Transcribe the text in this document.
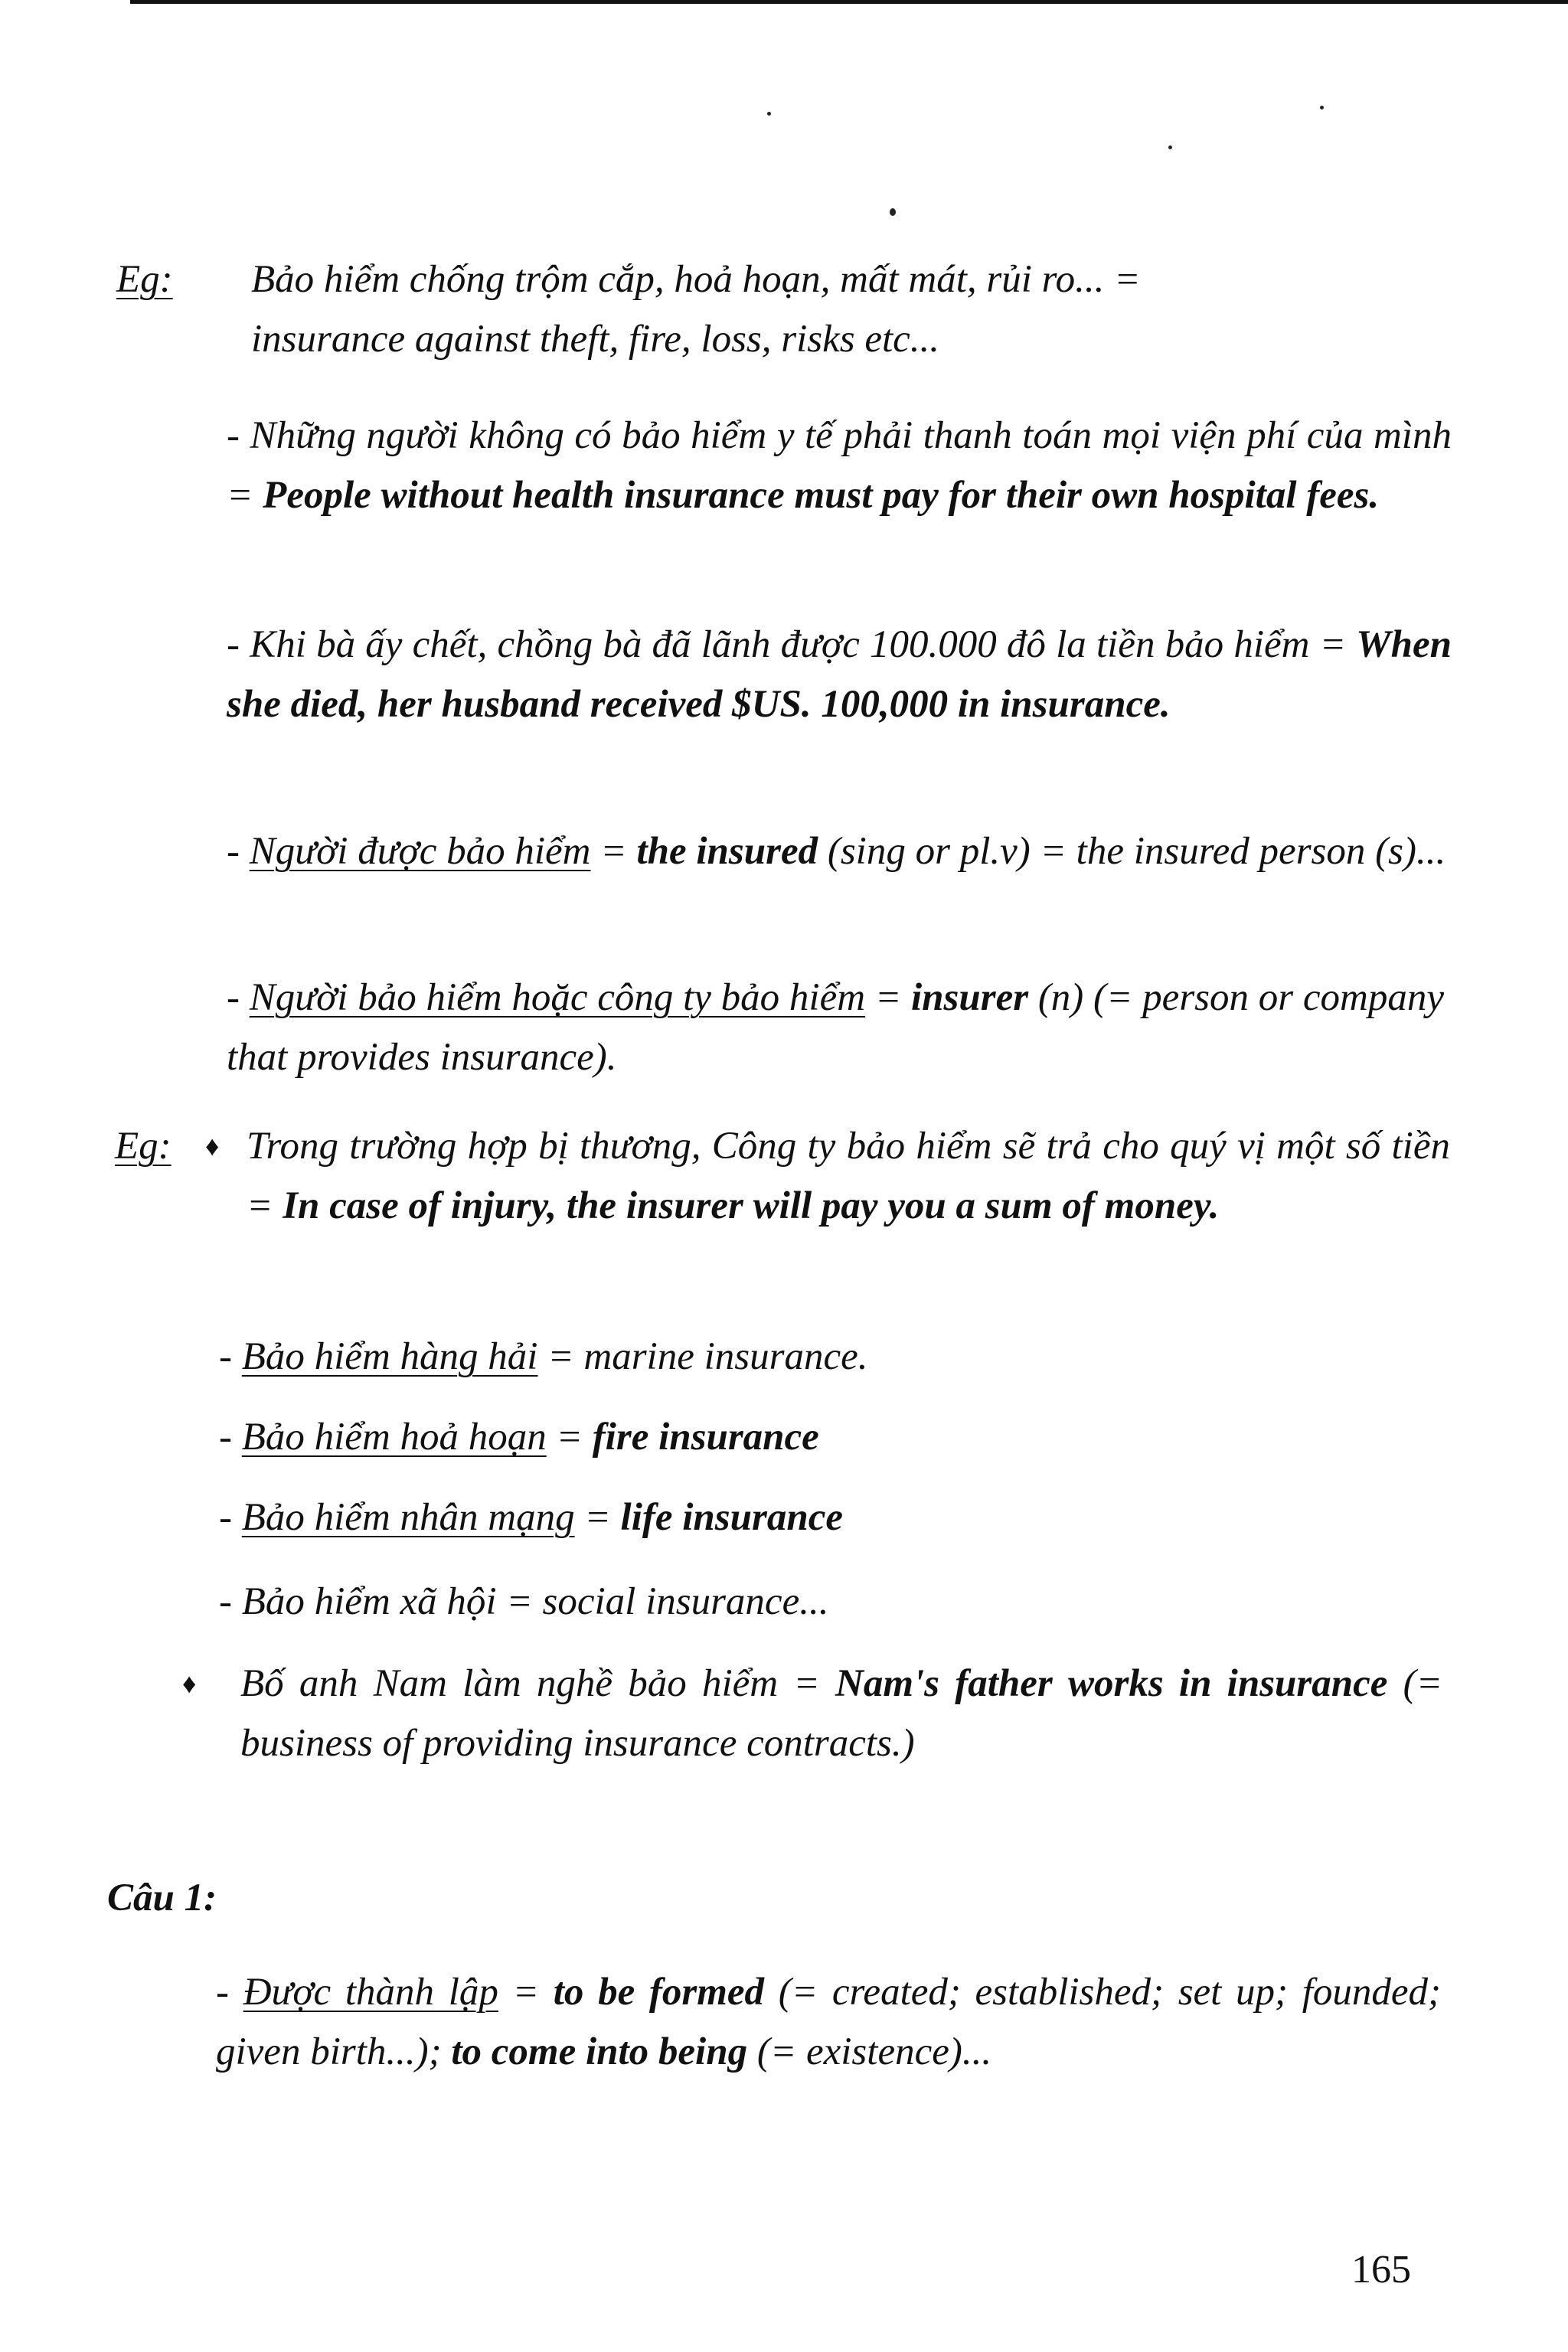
Eg: Bảo hiểm chống trộm cắp, hoả hoạn, mất mát, rủi ro... =
insurance against theft, fire, loss, risks etc...
- Những người không có bảo hiểm y tế phải thanh toán mọi viện phí của mình = People without health insurance must pay for their own hospital fees.
- Khi bà ấy chết, chồng bà đã lãnh được 100.000 đô la tiền bảo hiểm = When she died, her husband received $US. 100,000 in insurance.
- Người được bảo hiểm = the insured (sing or pl.v) = the insured person (s)...
- Người bảo hiểm hoặc công ty bảo hiểm = insurer (n) (= person or company that provides insurance).
Eg: ♦ Trong trường hợp bị thương, Công ty bảo hiểm sẽ trả cho quý vị một số tiền = In case of injury, the insurer will pay you a sum of money.
- Bảo hiểm hàng hải = marine insurance.
- Bảo hiểm hoả hoạn = fire insurance
- Bảo hiểm nhân mạng = life insurance
- Bảo hiểm xã hội = social insurance...
♦ Bố anh Nam làm nghề bảo hiểm = Nam's father works in insurance (= business of providing insurance contracts.)
Câu 1:
- Được thành lập = to be formed (= created; established; set up; founded; given birth...); to come into being (= existence)...
165
